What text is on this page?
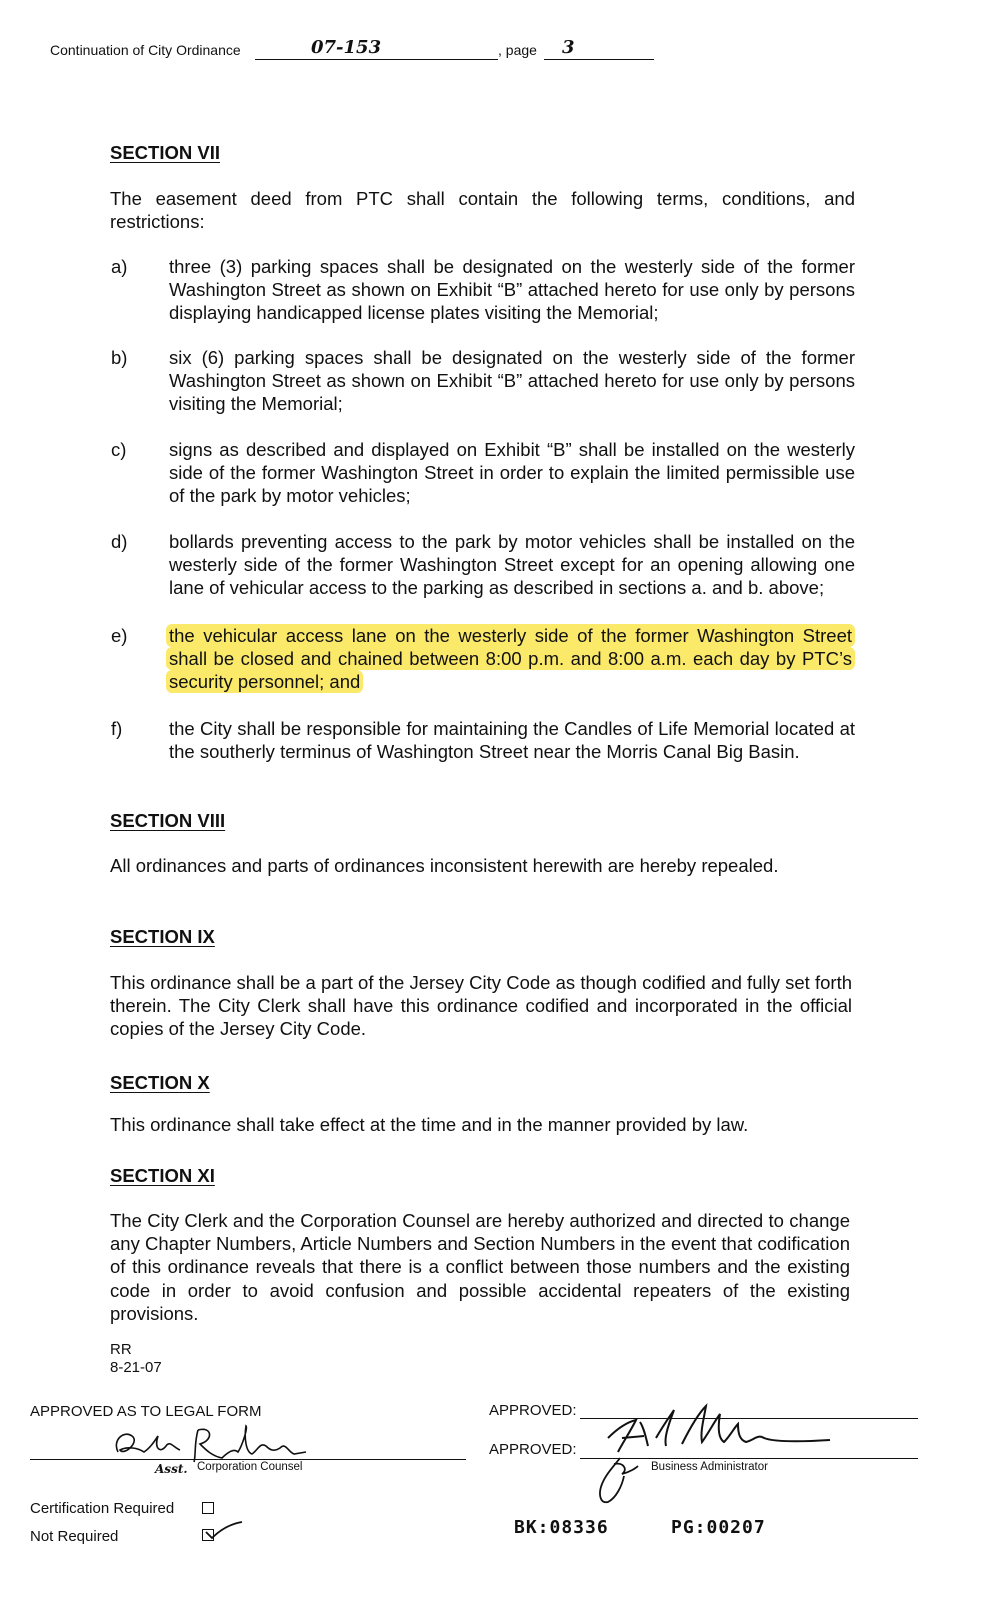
Continuation of City Ordinance	07-153	, page 3
SECTION VII
The easement deed from PTC shall contain the following terms, conditions, and restrictions:
a) three (3) parking spaces shall be designated on the westerly side of the former Washington Street as shown on Exhibit “B” attached hereto for use only by persons displaying handicapped license plates visiting the Memorial;
b) six (6) parking spaces shall be designated on the westerly side of the former Washington Street as shown on Exhibit “B” attached hereto for use only by persons visiting the Memorial;
c) signs as described and displayed on Exhibit “B” shall be installed on the westerly side of the former Washington Street in order to explain the limited permissible use of the park by motor vehicles;
d) bollards preventing access to the park by motor vehicles shall be installed on the westerly side of the former Washington Street except for an opening allowing one lane of vehicular access to the parking as described in sections a. and b. above;
e) the vehicular access lane on the westerly side of the former Washington Street shall be closed and chained between 8:00 p.m. and 8:00 a.m. each day by PTC’s security personnel; and
f)	the City shall be responsible for maintaining the Candles of Life Memorial located at the southerly terminus of Washington Street near the Morris Canal Big Basin.
SECTION VIII
All ordinances and parts of ordinances inconsistent herewith are hereby repealed.
SECTION IX
This ordinance shall be a part of the Jersey City Code as though codified and fully set forth therein. The City Clerk shall have this ordinance codified and incorporated in the official copies of the Jersey City Code.
SECTION X
This ordinance shall take effect at the time and in the manner provided by law.
SECTION XI
The City Clerk and the Corporation Counsel are hereby authorized and directed to change any Chapter Numbers, Article Numbers and Section Numbers in the event that codification of this ordinance reveals that there is a conflict between those numbers and the existing code in order to avoid confusion and possible accidental repeaters of the existing provisions.
RR
8-21-07
APPROVED AS TO LEGAL FORM
Asst. Corporation Counsel
Certification Required
Not Required
APPROVED:
APPROVED:
Business Administrator
BK:08336	PG:00207
